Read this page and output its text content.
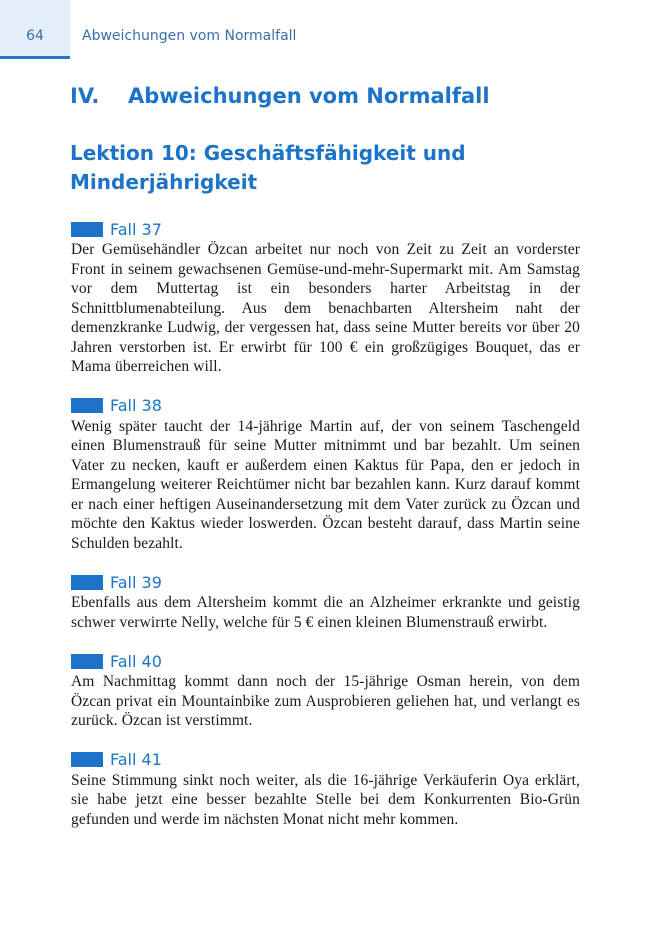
64	Abweichungen vom Normalfall
IV. Abweichungen vom Normalfall
Lektion 10: Geschäftsfähigkeit und
Minderjährigkeit
Fall 37

Der Gemüsehändler Özcan arbeitet nur noch von Zeit zu Zeit an vorderster Front in seinem gewachsenen Gemüse-und-mehr-Supermarkt mit. Am Samstag vor dem Muttertag ist ein besonders harter Arbeitstag in der Schnittblumenabteilung. Aus dem benachbarten Altersheim naht der demenzkranke Ludwig, der vergessen hat, dass seine Mutter bereits vor über 20 Jahren verstorben ist. Er erwirbt für 100 € ein großzügiges Bouquet, das er Mama überreichen will.

Fall 38

Wenig später taucht der 14-jährige Martin auf, der von seinem Taschengeld einen Blumenstrauß für seine Mutter mitnimmt und bar bezahlt. Um seinen Vater zu necken, kauft er außerdem einen Kaktus für Papa, den er jedoch in Ermangelung weiterer Reichtümer nicht bar bezahlen kann. Kurz darauf kommt er nach einer heftigen Auseinandersetzung mit dem Vater zurück zu Özcan und möchte den Kaktus wieder loswerden. Özcan besteht darauf, dass Martin seine Schulden bezahlt.

Fall 39

Ebenfalls aus dem Altersheim kommt die an Alzheimer erkrankte und geistig schwer verwirrte Nelly, welche für 5 € einen kleinen Blumenstrauß erwirbt.

Fall 40

Am Nachmittag kommt dann noch der 15-jährige Osman herein, von dem Özcan privat ein Mountainbike zum Ausprobieren geliehen hat, und verlangt es zurück. Özcan ist verstimmt.

Fall 41

Seine Stimmung sinkt noch weiter, als die 16-jährige Verkäuferin Oya erklärt, sie habe jetzt eine besser bezahlte Stelle bei dem Konkurrenten Bio-Grün gefunden und werde im nächsten Monat nicht mehr kommen.
